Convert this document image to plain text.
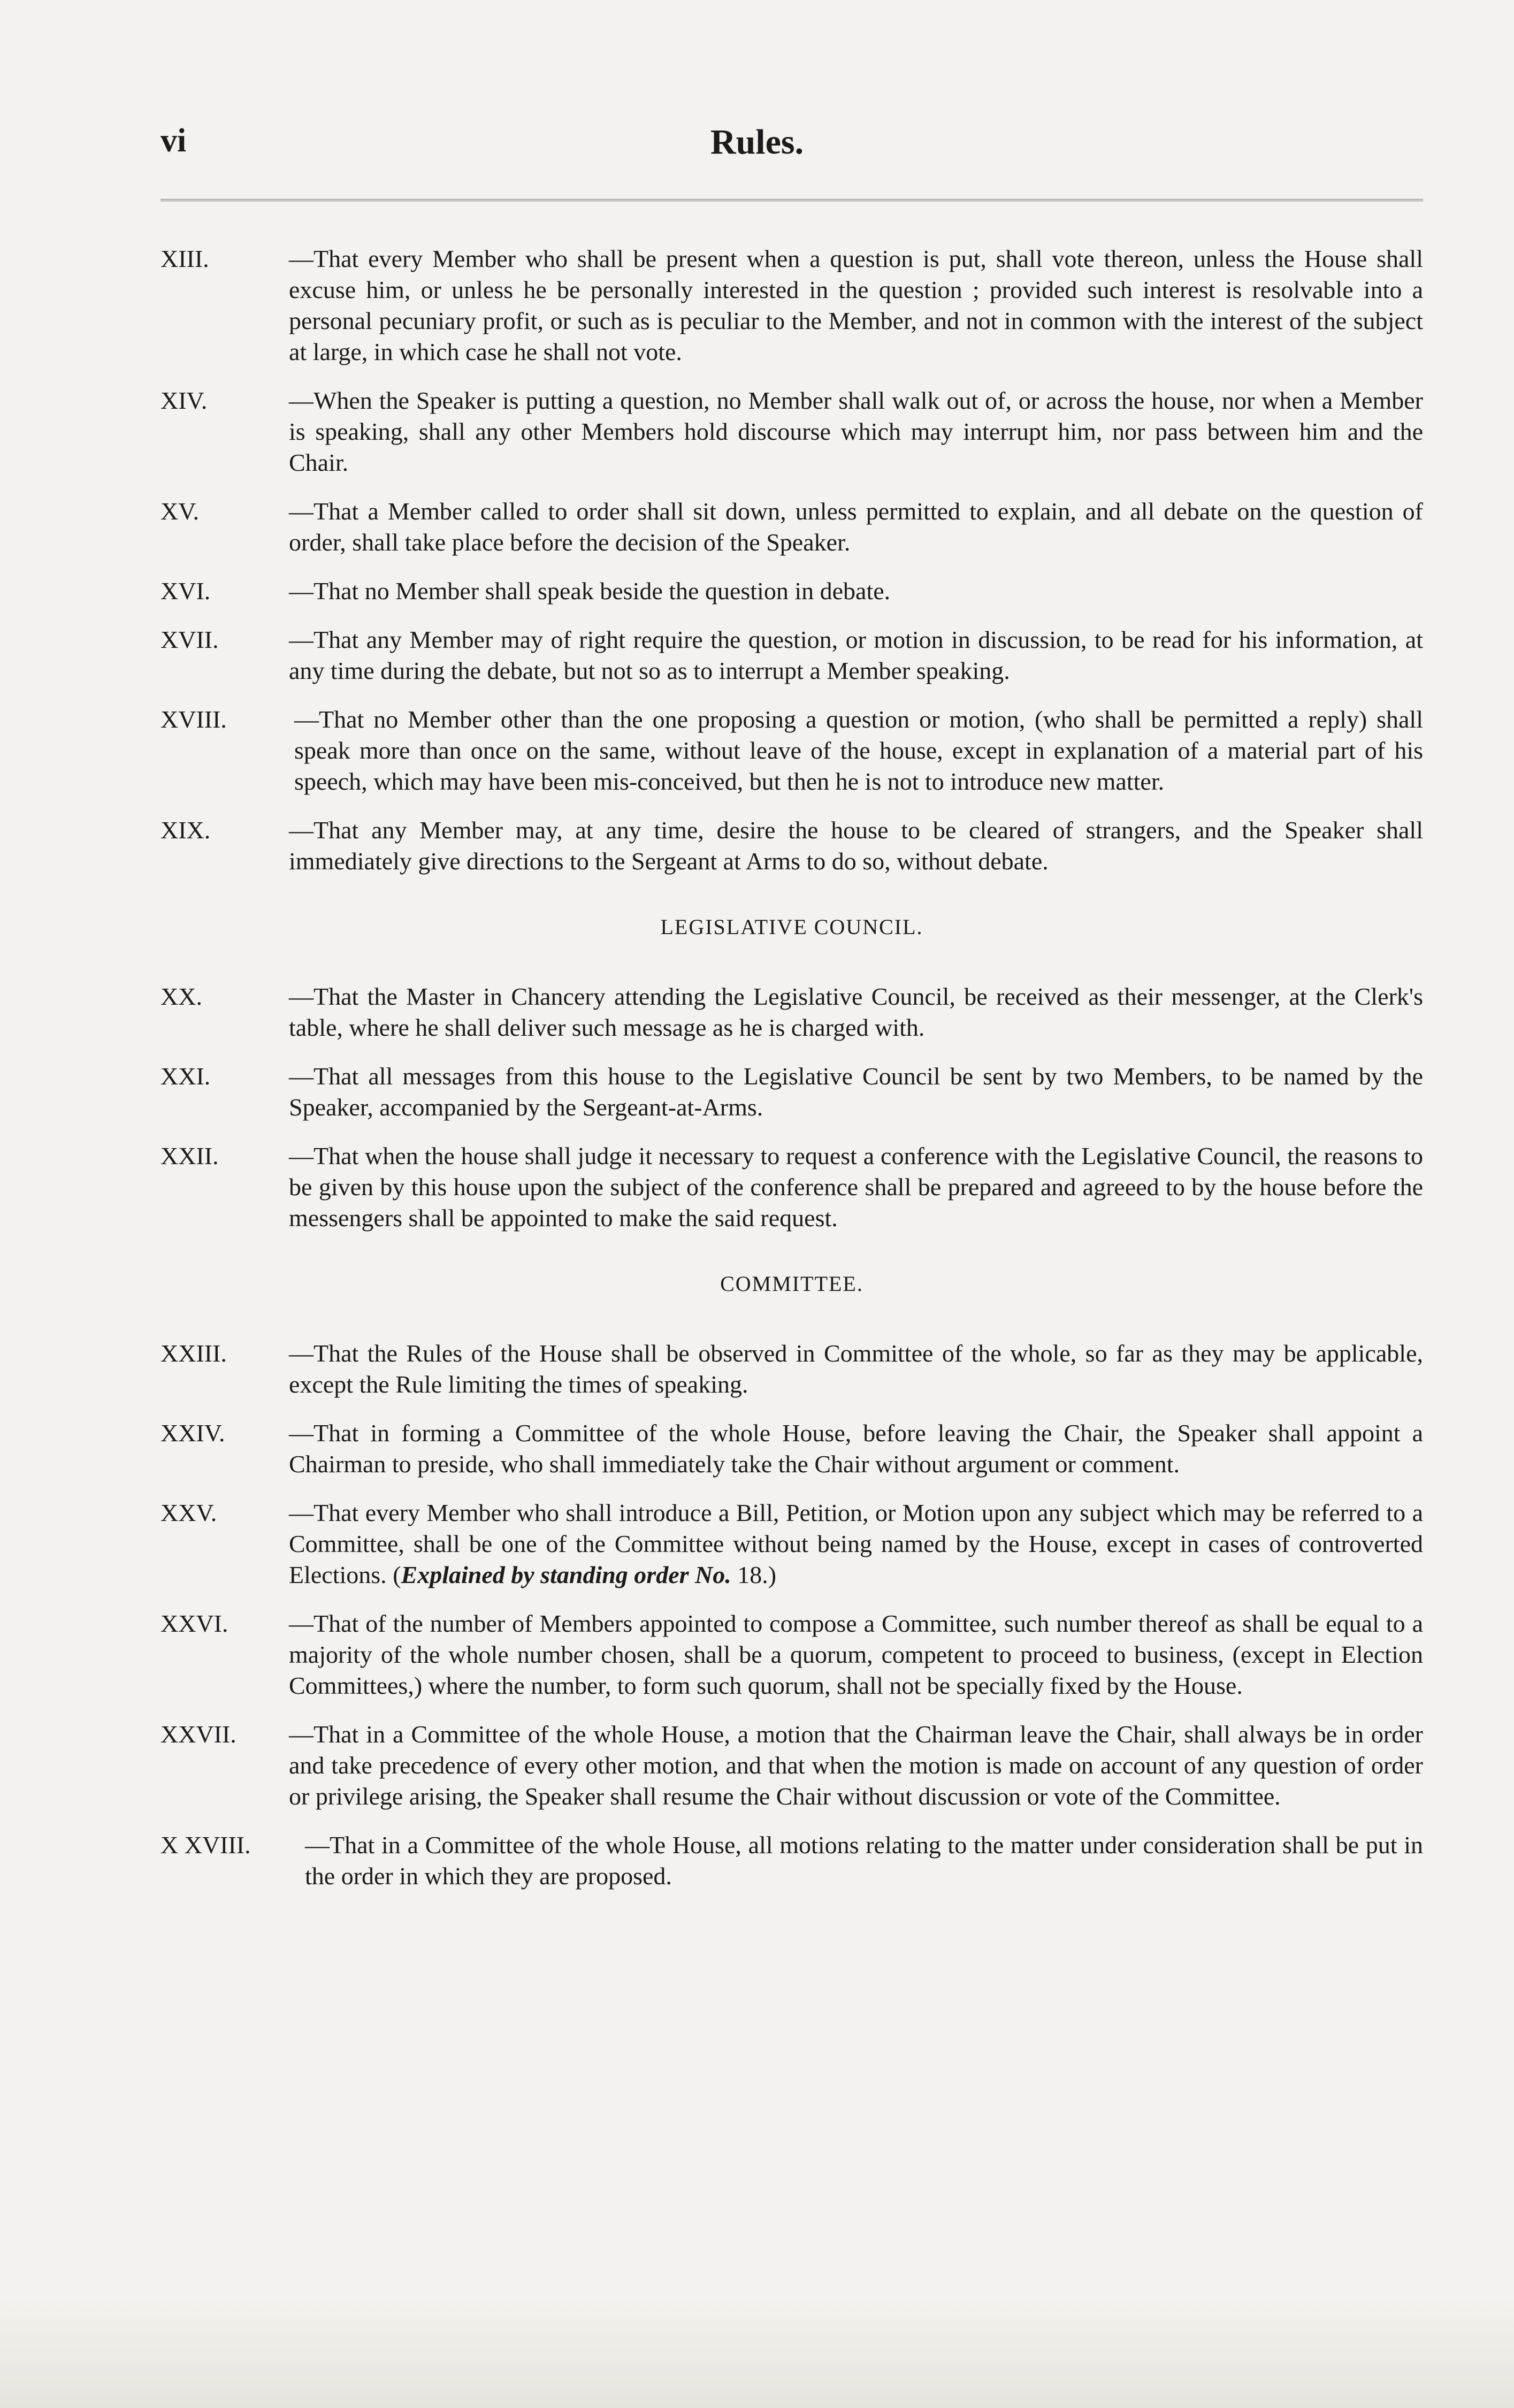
vi	Rules.
XIII.	—That every Member who shall be present when a question is put, shall vote thereon, unless the House shall excuse him, or unless he be personally interested in the question ; provided such interest is resolvable into a personal pecuniary profit, or such as is peculiar to the Member, and not in common with the interest of the subject at large, in which case he shall not vote.
XIV.	—When the Speaker is putting a question, no Member shall walk out of, or across the house, nor when a Member is speaking, shall any other Members hold discourse which may interrupt him, nor pass between him and the Chair.
XV.	—That a Member called to order shall sit down, unless permitted to explain, and all debate on the question of order, shall take place before the decision of the Speaker.
XVI.	—That no Member shall speak beside the question in debate.
XVII.	—That any Member may of right require the question, or motion in discussion, to be read for his information, at any time during the debate, but not so as to interrupt a Member speaking.
XVIII.	—That no Member other than the one proposing a question or motion, (who shall be permitted a reply) shall speak more than once on the same, without leave of the house, except in explanation of a material part of his speech, which may have been mis-conceived, but then he is not to introduce new matter.
XIX.	—That any Member may, at any time, desire the house to be cleared of strangers, and the Speaker shall immediately give directions to the Sergeant at Arms to do so, without debate.
LEGISLATIVE COUNCIL.
XX.	—That the Master in Chancery attending the Legislative Council, be received as their messenger, at the Clerk's table, where he shall deliver such message as he is charged with.
XXI.	—That all messages from this house to the Legislative Council be sent by two Members, to be named by the Speaker, accompanied by the Sergeant-at-Arms.
XXII.	—That when the house shall judge it necessary to request a conference with the Legislative Council, the reasons to be given by this house upon the subject of the conference shall be prepared and agreeed to by the house before the messengers shall be appointed to make the said request.
COMMITTEE.
XXIII.	—That the Rules of the House shall be observed in Committee of the whole, so far as they may be applicable, except the Rule limiting the times of speaking.
XXIV.	—That in forming a Committee of the whole House, before leaving the Chair, the Speaker shall appoint a Chairman to preside, who shall immediately take the Chair without argument or comment.
XXV.	—That every Member who shall introduce a Bill, Petition, or Motion upon any subject which may be referred to a Committee, shall be one of the Committee without being named by the House, except in cases of controverted Elections. (Explained by standing order No. 18.)
XXVI. —That of the number of Members appointed to compose a Committee, such number thereof as shall be equal to a majority of the whole number chosen, shall be a quorum, competent to proceed to business, (except in Election Committees,) where the number, to form such quorum, shall not be specially fixed by the House.
XXVII. —That in a Committee of the whole House, a motion that the Chairman leave the Chair, shall always be in order and take precedence of every other motion, and that when the motion is made on account of any question of order or privilege arising, the Speaker shall resume the Chair without discussion or vote of the Committee.
X XVIII. —That in a Committee of the whole House, all motions relating to the matter under consideration shall be put in the order in which they are proposed.
